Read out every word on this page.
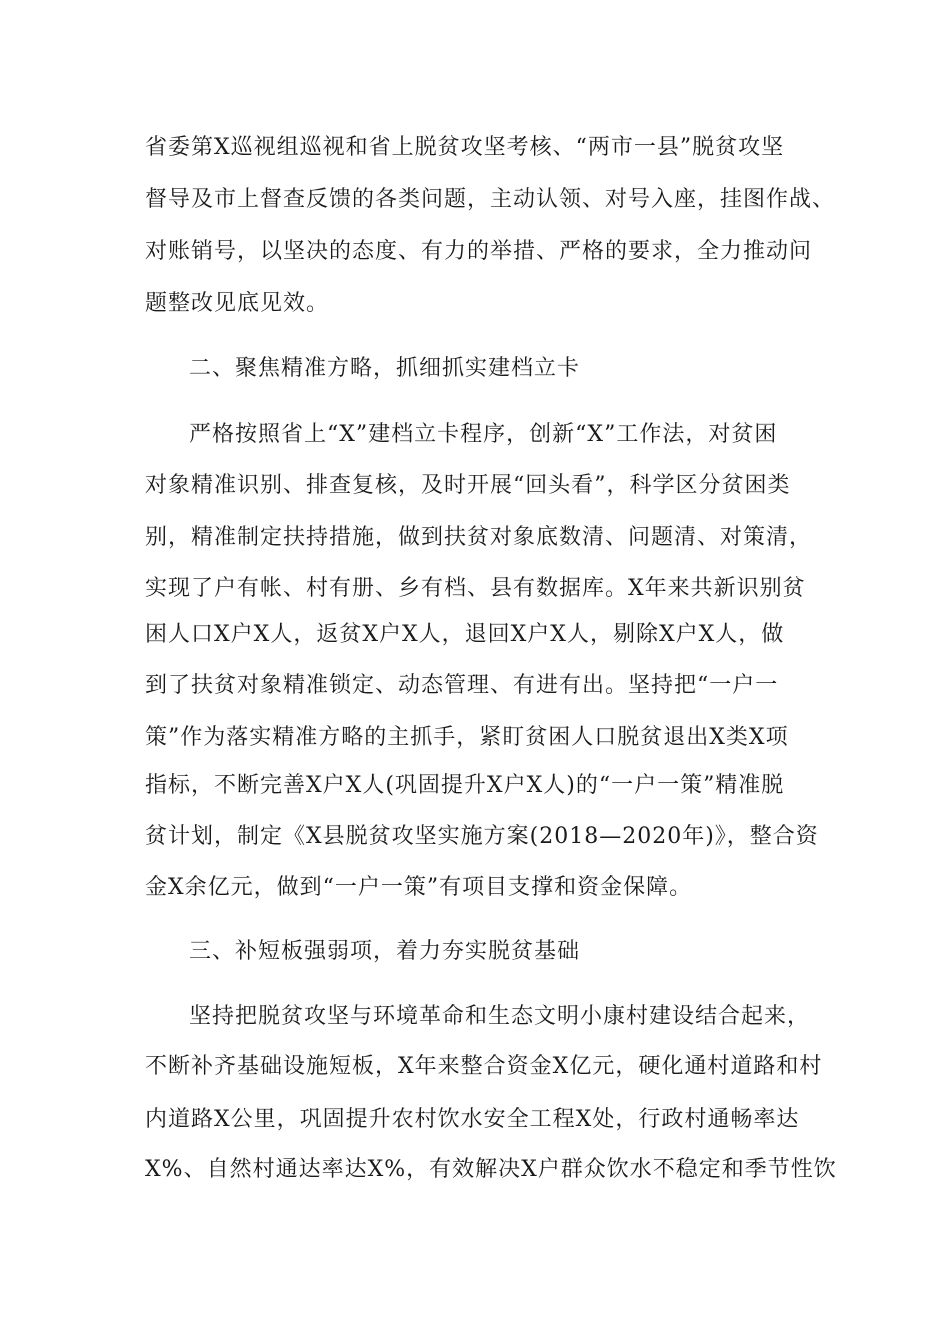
省委第X巡视组巡视和省上脱贫攻坚考核、“两市一县”脱贫攻坚
督导及市上督查反馈的各类问题，主动认领、对号入座，挂图作战、
对账销号，以坚决的态度、有力的举措、严格的要求，全力推动问
题整改见底见效。
二、聚焦精准方略，抓细抓实建档立卡
严格按照省上“X”建档立卡程序，创新“X”工作法，对贫困
对象精准识别、排查复核，及时开展“回头看”，科学区分贫困类
别，精准制定扶持措施，做到扶贫对象底数清、问题清、对策清，
实现了户有帐、村有册、乡有档、县有数据库。X年来共新识别贫
困人口X户X人，返贫X户X人，退回X户X人，剔除X户X人，做
到了扶贫对象精准锁定、动态管理、有进有出。坚持把“一户一
策”作为落实精准方略的主抓手，紧盯贫困人口脱贫退出X类X项
指标，不断完善X户X人(巩固提升X户X人)的“一户一策”精准脱
贫计划，制定《X县脱贫攻坚实施方案(2018—2020年)》，整合资
金X余亿元，做到“一户一策”有项目支撑和资金保障。
三、补短板强弱项，着力夯实脱贫基础
坚持把脱贫攻坚与环境革命和生态文明小康村建设结合起来，
不断补齐基础设施短板，X年来整合资金X亿元，硬化通村道路和村
内道路X公里，巩固提升农村饮水安全工程X处，行政村通畅率达
X%、自然村通达率达X%，有效解决X户群众饮水不稳定和季节性饮
